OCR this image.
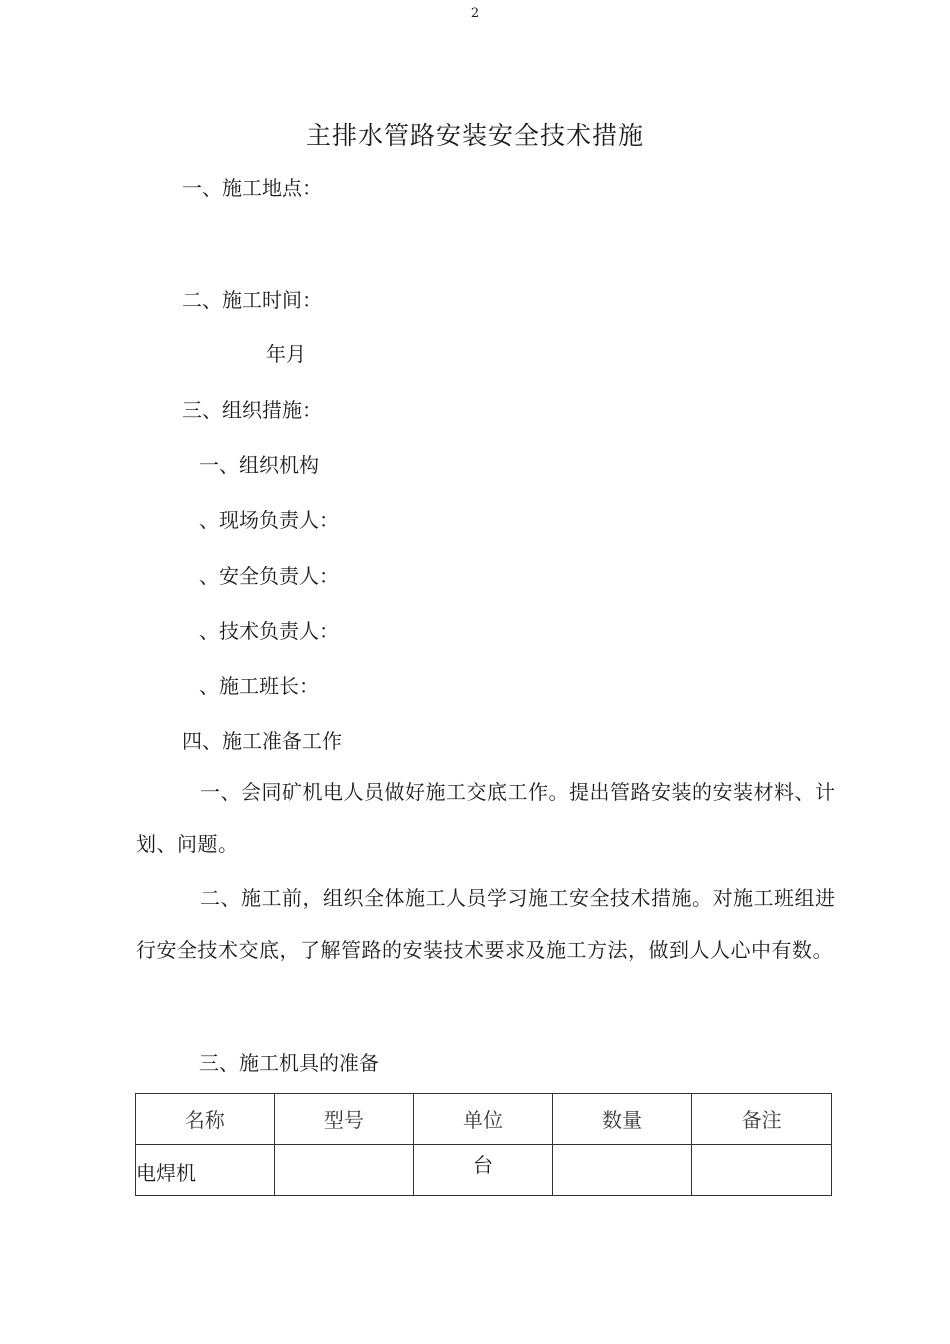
2
主排水管路安装安全技术措施
一、施工地点：
二、施工时间：
年月
三、组织措施：
一、组织机构
、现场负责人：
、安全负责人：
、技术负责人：
、施工班长：
四、施工准备工作

一、会同矿机电人员做好施工交底工作。提出管路安装的安装材料、计划、问题。

二、施工前，组织全体施工人员学习施工安全技术措施。对施工班组进行安全技术交底，了解管路的安装技术要求及施工方法，做到人人心中有数。

三、施工机具的准备
名称	型号	单位	数量	备注
电焊机		台		
